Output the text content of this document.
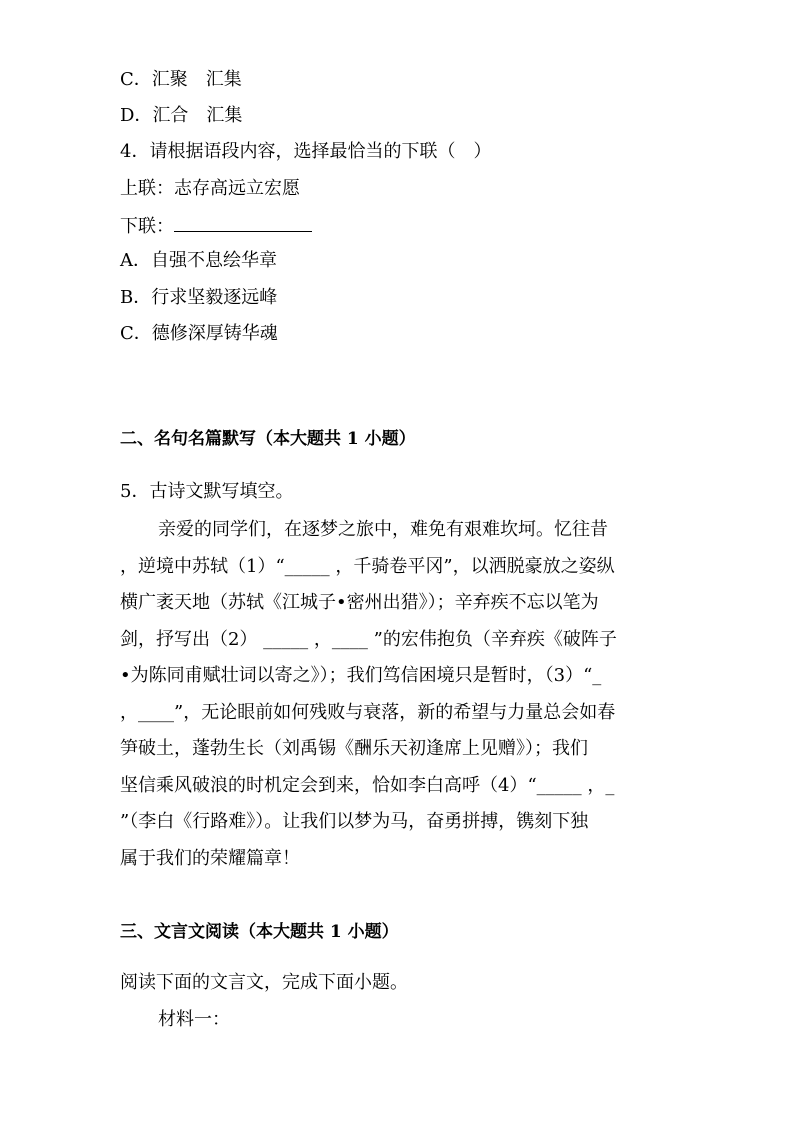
C．汇聚　汇集
D．汇合　汇集
4．请根据语段内容，选择最恰当的下联（　）
上联：志存高远立宏愿
下联：
A．自强不息绘华章
B．行求坚毅逐远峰
C．德修深厚铸华魂
二、名句名篇默写（本大题共 1 小题）
5．古诗文默写填空。
亲爱的同学们，在逐梦之旅中，难免有艰难坎坷。忆往昔
，逆境中苏轼（1）“_____ ，千骑卷平冈”，以洒脱豪放之姿纵
横广袤天地（苏轼《江城子•密州出猎》）；辛弃疾不忘以笔为
剑，抒写出（2） _____ ，____ ”的宏伟抱负（辛弃疾《破阵子
•为陈同甫赋壮词以寄之》）；我们笃信困境只是暂时，（3）“_
，____”，无论眼前如何残败与衰落，新的希望与力量总会如春
笋破土，蓬勃生长（刘禹锡《酬乐天初逢席上见赠》）；我们
坚信乘风破浪的时机定会到来，恰如李白高呼（4）“_____ ，_
”（李白《行路难》）。让我们以梦为马，奋勇拼搏，镌刻下独
属于我们的荣耀篇章！
三、文言文阅读（本大题共 1 小题）
阅读下面的文言文，完成下面小题。
材料一：
